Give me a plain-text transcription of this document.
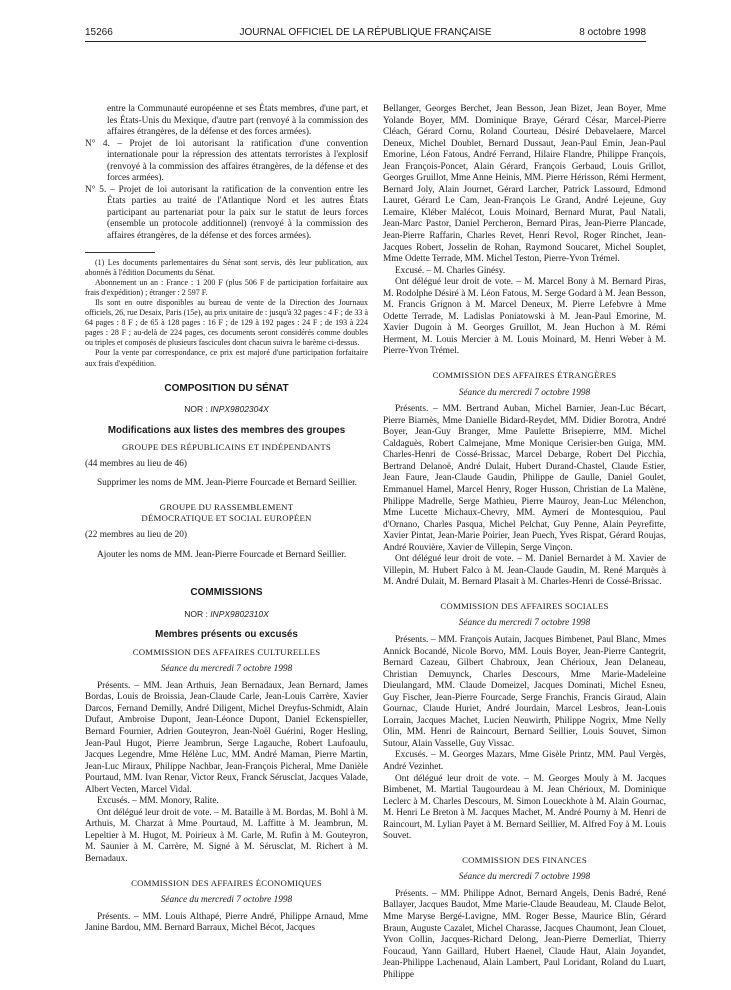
15266	JOURNAL OFFICIEL DE LA RÉPUBLIQUE FRANÇAISE	8 octobre 1998

entre la Communauté européenne et ses États membres, d'une part, et les États-Unis du Mexique, d'autre part (renvoyé à la commission des affaires étrangères, de la défense et des forces armées).

N° 4. – Projet de loi autorisant la ratification d'une convention internationale pour la répression des attentats terroristes à l'explosif (renvoyé à la commission des affaires étrangères, de la défense et des forces armées).

N° 5. – Projet de loi autorisant la ratification de la convention entre les États parties au traité de l'Atlantique Nord et les autres États participant au partenariat pour la paix sur le statut de leurs forces (ensemble un protocole additionnel) (renvoyé à la commission des affaires étrangères, de la défense et des forces armées).

(1) Les documents parlementaires du Sénat sont servis, dès leur publication, aux abonnés à l'édition Documents du Sénat.

Abonnement un an : France : 1 200 F (plus 506 F de participation forfaitaire aux frais d'expédition) ; étranger : 2 597 F.

Ils sont en outre disponibles au bureau de vente de la Direction des Journaux officiels, 26, rue Desaix, Paris (15e), au prix unitaire de : jusqu'à 32 pages : 4 F ; de 33 à 64 pages : 8 F ; de 65 à 128 pages : 16 F ; de 129 à 192 pages : 24 F ; de 193 à 224 pages : 28 F ; au-delà de 224 pages, ces documents seront considérés comme doubles ou triples et composés de plusieurs fascicules dont chacun suivra le barème ci-dessus.

Pour la vente par correspondance, ce prix est majoré d'une participation forfaitaire aux frais d'expédition.

COMPOSITION DU SÉNAT
NOR : INPX9802304X
Modifications aux listes des membres des groupes
GROUPE DES RÉPUBLICAINS ET INDÉPENDANTS

(44 membres au lieu de 46)

Supprimer les noms de MM. Jean-Pierre Fourcade et Bernard Seillier.

GROUPE DU RASSEMBLEMENT
DÉMOCRATIQUE ET SOCIAL EUROPÉEN

(22 membres au lieu de 20)

Ajouter les noms de MM. Jean-Pierre Fourcade et Bernard Seillier.

COMMISSIONS
NOR : INPX9802310X
Membres présents ou excusés
COMMISSION DES AFFAIRES CULTURELLES
Séance du mercredi 7 octobre 1998

Présents. – MM. Jean Arthuis, Jean Bernadaux, Jean Bernard, James Bordas, Louis de Broissia, Jean-Claude Carle, Jean-Louis Carrère, Xavier Darcos, Fernand Demilly, André Diligent, Michel Dreyfus-Schmidt, Alain Dufaut, Ambroise Dupont, Jean-Léonce Dupont, Daniel Eckenspieller, Bernard Fournier, Adrien Gouteyron, Jean-Noël Guérini, Roger Hesling, Jean-Paul Hugot, Pierre Jeambrun, Serge Lagauche, Robert Laufoaulu, Jacques Legendre, Mme Hélène Luc, MM. André Maman, Pierre Martin, Jean-Luc Miraux, Philippe Nachbar, Jean-François Picheral, Mme Danièle Pourtaud, MM. Ivan Renar, Victor Reux, Franck Sérusclat, Jacques Valade, Albert Vecten, Marcel Vidal.

Excusés. – MM. Monory, Ralite.

Ont délégué leur droit de vote. – M. Bataille à M. Bordas, M. Bohl à M. Arthuis, M. Charzat à Mme Pourtaud, M. Laffitte à M. Jeambrun, M. Lepeltier à M. Hugot, M. Poirieux à M. Carle, M. Rufin à M. Gouteyron, M. Saunier à M. Carrère, M. Signé à M. Sérusclat, M. Richert à M. Bernadaux.

COMMISSION DES AFFAIRES ÉCONOMIQUES
Séance du mercredi 7 octobre 1998

Présents. – MM. Louis Althapé, Pierre André, Philippe Arnaud, Mme Janine Bardou, MM. Bernard Barraux, Michel Bécot, Jacques

Bellanger, Georges Berchet, Jean Besson, Jean Bizet, Jean Boyer, Mme Yolande Boyer, MM. Dominique Braye, Gérard César, Marcel-Pierre Cléach, Gérard Cornu, Roland Courteau, Désiré Debavelaere, Marcel Deneux, Michel Doublet, Bernard Dussaut, Jean-Paul Emin, Jean-Paul Emorine, Léon Fatous, André Ferrand, Hilaire Flandre, Philippe François, Jean François-Poncet, Alain Gérard, François Gerbaud, Louis Grillot, Georges Gruillot, Mme Anne Heinis, MM. Pierre Hérisson, Rémi Herment, Bernard Joly, Alain Journet, Gérard Larcher, Patrick Lassourd, Edmond Lauret, Gérard Le Cam, Jean-François Le Grand, André Lejeune, Guy Lemaire, Kléber Malécot, Louis Moinard, Bernard Murat, Paul Natali, Jean-Marc Pastor, Daniel Percheron, Bernard Piras, Jean-Pierre Plancade, Jean-Pierre Raffarin, Charles Revet, Henri Revol, Roger Rinchet, Jean-Jacques Robert, Josselin de Rohan, Raymond Soucaret, Michel Souplet, Mme Odette Terrade, MM. Michel Teston, Pierre-Yvon Trémel.

Excusé. – M. Charles Ginésy.

Ont délégué leur droit de vote. – M. Marcel Bony à M. Bernard Piras, M. Rodolphe Désiré à M. Léon Fatous, M. Serge Godard à M. Jean Besson, M. Francis Grignon à M. Marcel Deneux, M. Pierre Lefebvre à Mme Odette Terrade, M. Ladislas Poniatowski à M. Jean-Paul Emorine, M. Xavier Dugoin à M. Georges Gruillot, M. Jean Huchon à M. Rémi Herment, M. Louis Mercier à M. Louis Moinard, M. Henri Weber à M. Pierre-Yvon Trémel.

COMMISSION DES AFFAIRES ÉTRANGÈRES
Séance du mercredi 7 octobre 1998

Présents. – MM. Bertrand Auban, Michel Barnier, Jean-Luc Bécart, Pierre Biarnès, Mme Danielle Bidard-Reydet, MM. Didier Borotra, André Boyer, Jean-Guy Branger, Mme Paulette Brisepierre, MM. Michel Caldaguès, Robert Calmejane, Mme Monique Cerisier-ben Guiga, MM. Charles-Henri de Cossé-Brissac, Marcel Debarge, Robert Del Picchia, Bertrand Delanoë, André Dulait, Hubert Durand-Chastel, Claude Estier, Jean Faure, Jean-Claude Gaudin, Philippe de Gaulle, Daniel Goulet, Emmanuel Hamel, Marcel Henry, Roger Husson, Christian de La Malène, Philippe Madrelle, Serge Mathieu, Pierre Mauroy, Jean-Luc Mélenchon, Mme Lucette Michaux-Chevry, MM. Aymeri de Montesquiou, Paul d'Ornano, Charles Pasqua, Michel Pelchat, Guy Penne, Alain Peyrefitte, Xavier Pintat, Jean-Marie Poirier, Jean Puech, Yves Rispat, Gérard Roujas, André Rouvière, Xavier de Villepin, Serge Vinçon.

Ont délégué leur droit de vote. – M. Daniel Bernardet à M. Xavier de Villepin, M. Hubert Falco à M. Jean-Claude Gaudin, M. René Marquès à M. André Dulait, M. Bernard Plasait à M. Charles-Henri de Cossé-Brissac.

COMMISSION DES AFFAIRES SOCIALES
Séance du mercredi 7 octobre 1998

Présents. – MM. François Autain, Jacques Bimbenet, Paul Blanc, Mmes Annick Bocandé, Nicole Borvo, MM. Louis Boyer, Jean-Pierre Cantegrit, Bernard Cazeau, Gilbert Chabroux, Jean Chérioux, Jean Delaneau, Christian Demuynck, Charles Descours, Mme Marie-Madeleine Dieulangard, MM. Claude Domeizel, Jacques Dominati, Michel Esneu, Guy Fischer, Jean-Pierre Fourcade, Serge Franchis, Francis Giraud, Alain Gournac, Claude Huriet, André Jourdain, Marcel Lesbros, Jean-Louis Lorrain, Jacques Machet, Lucien Neuwirth, Philippe Nogrix, Mme Nelly Olin, MM. Henri de Raincourt, Bernard Seillier, Louis Souvet, Simon Sutour, Alain Vasselle, Guy Vissac.

Excusés. – M. Georges Mazars, Mme Gisèle Printz, MM. Paul Vergès, André Vezinhet.

Ont délégué leur droit de vote. – M. Georges Mouly à M. Jacques Bimbenet, M. Martial Taugourdeau à M. Jean Chérioux, M. Dominique Leclerc à M. Charles Descours, M. Simon Loueckhote à M. Alain Gournac, M. Henri Le Breton à M. Jacques Machet, M. André Pourny à M. Henri de Raincourt, M. Lylian Payet à M. Bernard Seillier, M. Alfred Foy à M. Louis Souvet.

COMMISSION DES FINANCES
Séance du mercredi 7 octobre 1998

Présents. – MM. Philippe Adnot, Bernard Angels, Denis Badré, René Ballayer, Jacques Baudot, Mme Marie-Claude Beaudeau, M. Claude Belot, Mme Maryse Bergé-Lavigne, MM. Roger Besse, Maurice Blin, Gérard Braun, Auguste Cazalet, Michel Charasse, Jacques Chaumont, Jean Clouet, Yvon Collin, Jacques-Richard Delong, Jean-Pierre Demerliat, Thierry Foucaud, Yann Gaillard, Hubert Haenel, Claude Haut, Alain Joyandet, Jean-Philippe Lachenaud, Alain Lambert, Paul Loridant, Roland du Luart, Philippe
